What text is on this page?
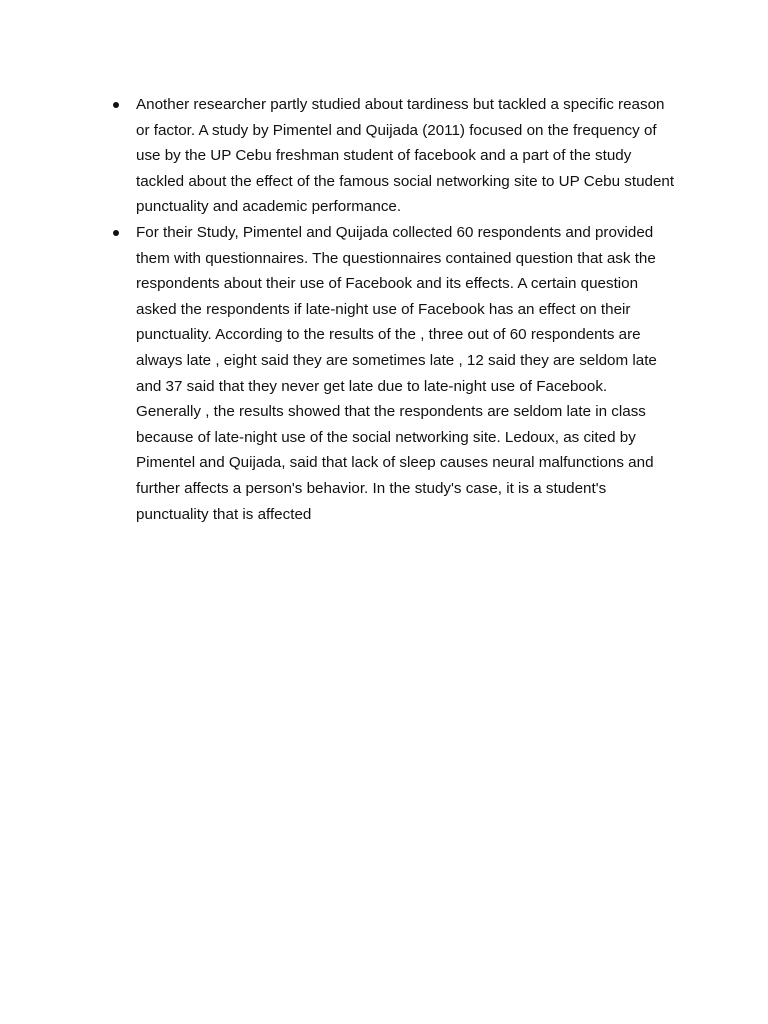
Another researcher partly studied about tardiness but tackled a specific reason or factor. A study by Pimentel and Quijada (2011) focused on the frequency of use by the UP Cebu freshman student of facebook and a part of the study tackled about the effect of the famous social networking site to UP Cebu student punctuality and academic performance.
For their Study, Pimentel and Quijada collected 60 respondents and provided them with questionnaires. The questionnaires contained question that ask the respondents about their use of Facebook and its effects. A certain question asked the respondents if late-night use of Facebook has an effect on their punctuality. According to the results of the , three out of 60 respondents are always late , eight said they are sometimes late , 12 said they are seldom late and 37 said that they never get late due to late-night use of Facebook. Generally , the results showed that the respondents are seldom late in class because of late-night use of the social networking site. Ledoux, as cited by Pimentel and Quijada, said that lack of sleep causes neural malfunctions and further affects a person's behavior. In the study's case, it is a student's punctuality that is affected
